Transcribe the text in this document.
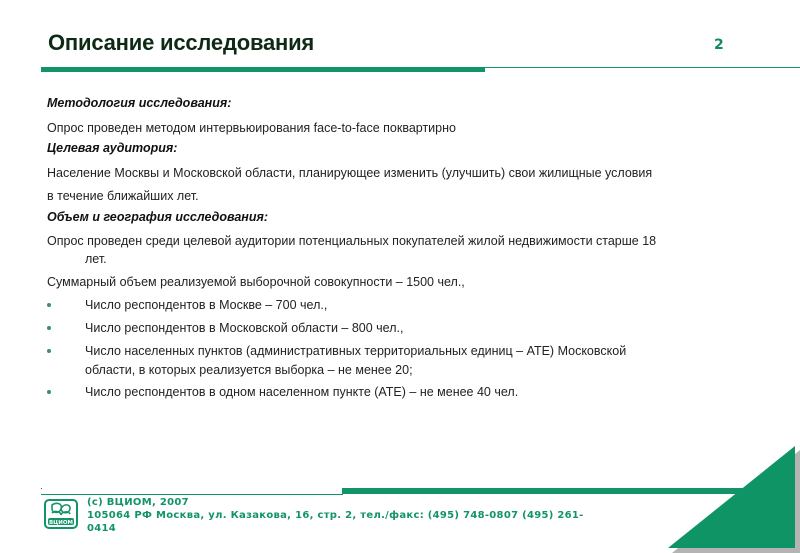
Описание исследования	2
Методология исследования:
Опрос проведен методом интервьюирования face-to-face поквартирно
Целевая аудитория:
Население Москвы и Московской области, планирующее изменить (улучшить) свои жилищные условия
в течение ближайших лет.
Объем и география исследования:
Опрос проведен среди целевой аудитории потенциальных покупателей жилой недвижимости старше 18
лет.
Суммарный объем реализуемой выборочной совокупности – 1500 чел.,
Число респондентов в Москве – 700 чел.,
Число респондентов в Московской области – 800 чел.,
Число населенных пунктов (административных территориальных единиц – АТЕ) Московской
области, в которых реализуется выборка – не менее 20;
Число респондентов в одном населенном пункте (АТЕ) – не менее 40 чел.
ВЦИОМ
(c) ВЦИОМ, 2007
105064 РФ Москва, ул. Казакова, 16, стр. 2, тел./факс: (495) 748-0807 (495) 261-
0414
